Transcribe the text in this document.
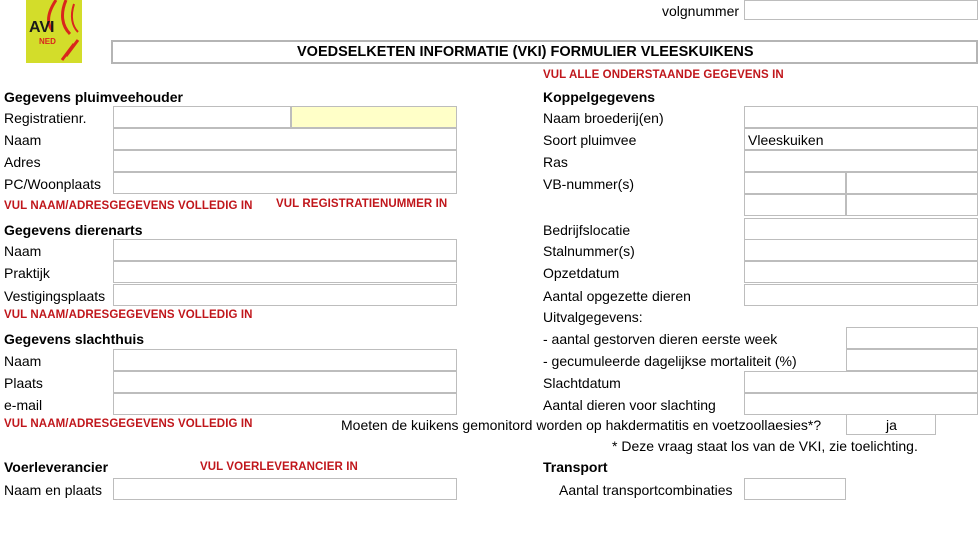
AVI
NED
volgnummer
VOEDSELKETEN INFORMATIE (VKI) FORMULIER VLEESKUIKENS
VUL ALLE ONDERSTAANDE GEGEVENS IN
Gegevens pluimveehouder
Registratienr.
Naam
Adres
PC/Woonplaats
VUL NAAM/ADRESGEGEVENS VOLLEDIG IN VUL REGISTRATIENUMMER IN
Gegevens dierenarts
Naam
Praktijk
Vestigingsplaats
VUL NAAM/ADRESGEGEVENS VOLLEDIG IN
Gegevens slachthuis
Naam
Plaats
e-mail
VUL NAAM/ADRESGEGEVENS VOLLEDIG IN	Moeten de kuikens gemonitord worden op hakdermatitis en voetzoollaesies*?	ja
* Deze vraag staat los van de VKI, zie toelichting.
Voerleverancier	VUL VOERLEVERANCIER IN
Naam en plaats
Koppelgegevens
Naam broederij(en)
Soort pluimvee	Vleeskuiken
Ras
VB-nummer(s)
Bedrijfslocatie
Stalnummer(s)
Opzetdatum
Aantal opgezette dieren
Uitvalgegevens:
- aantal gestorven dieren eerste week
- gecumuleerde dagelijkse mortaliteit (%)
Slachtdatum
Aantal dieren voor slachting
Transport
Aantal transportcombinaties
